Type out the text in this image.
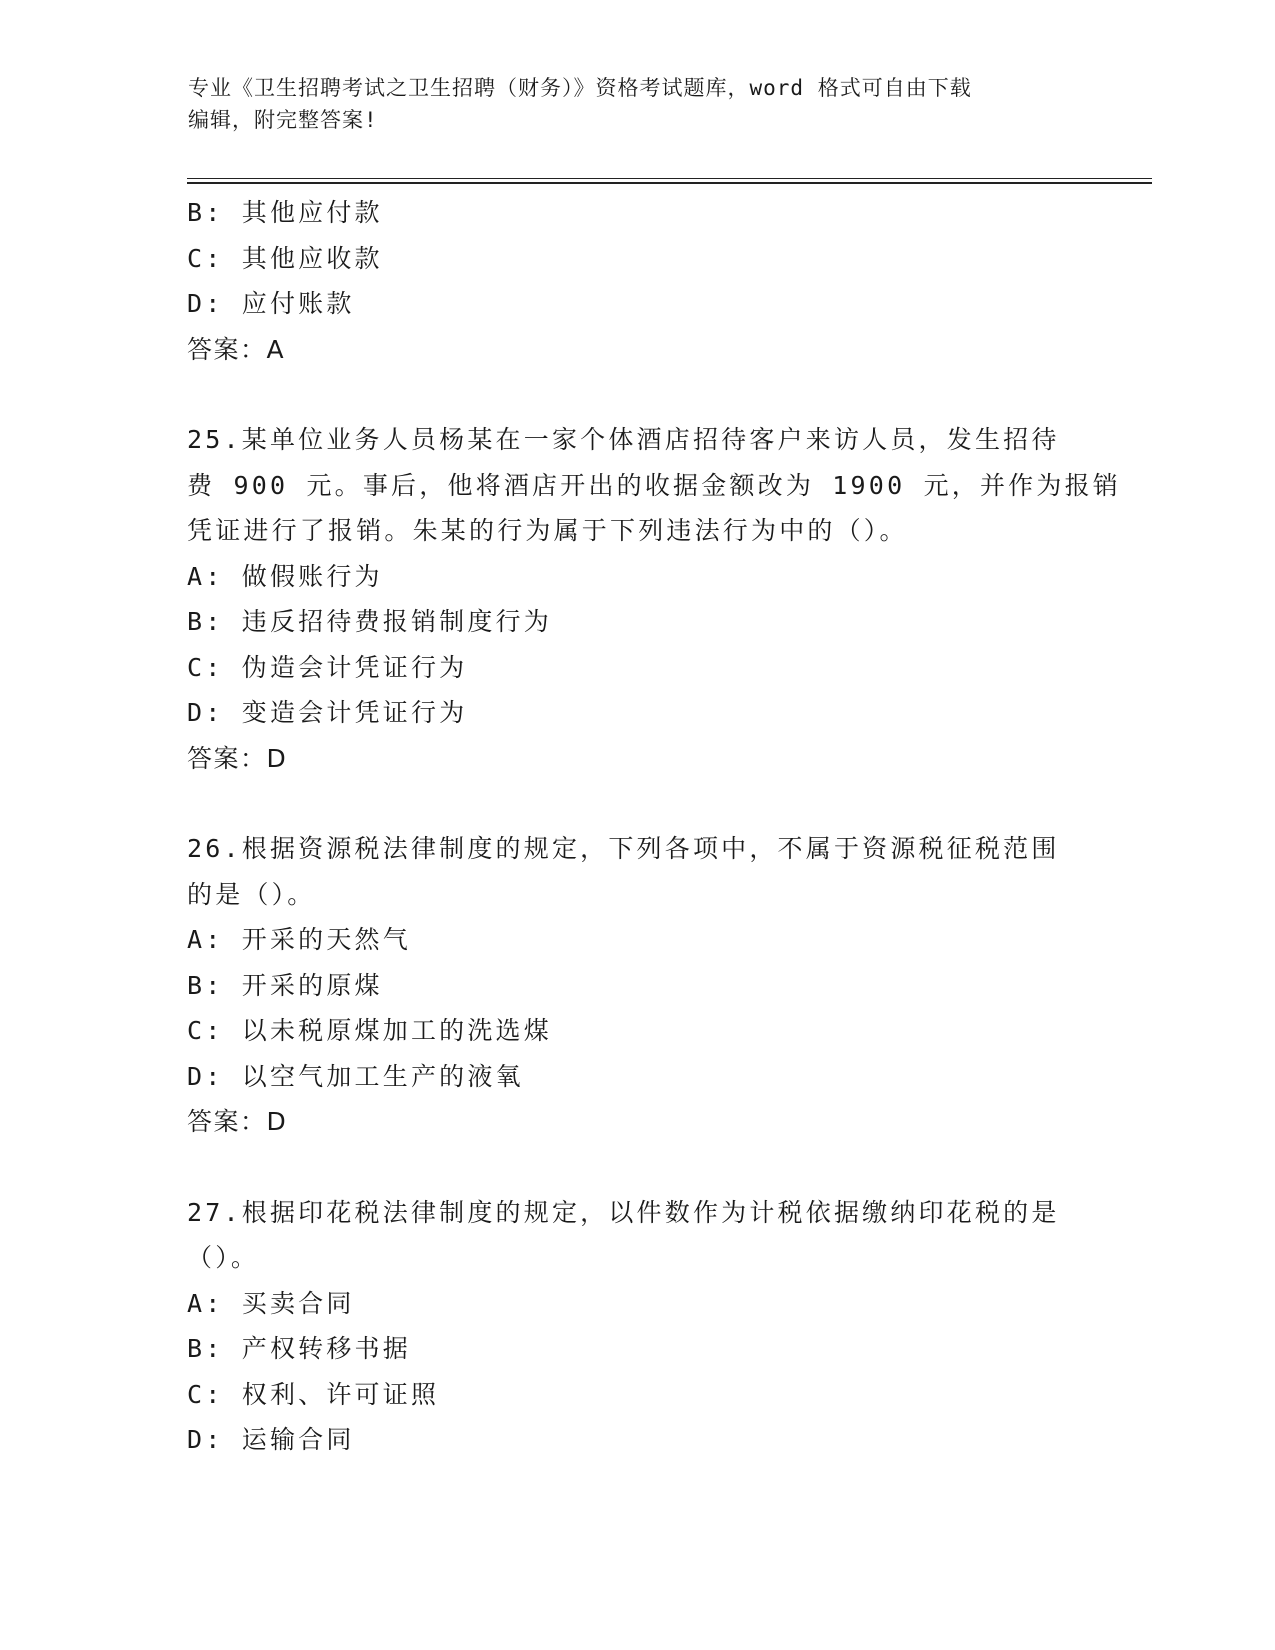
专业《卫生招聘考试之卫生招聘（财务）》资格考试题库，word 格式可自由下载
编辑，附完整答案!
B: 其他应付款
C: 其他应收款
D: 应付账款
答案：A
25.某单位业务人员杨某在一家个体酒店招待客户来访人员，发生招待
费 900 元。事后，他将酒店开出的收据金额改为 1900 元，并作为报销
凭证进行了报销。朱某的行为属于下列违法行为中的（）。
A: 做假账行为
B: 违反招待费报销制度行为
C: 伪造会计凭证行为
D: 变造会计凭证行为
答案：D
26.根据资源税法律制度的规定，下列各项中，不属于资源税征税范围
的是（）。
A: 开采的天然气
B: 开采的原煤
C: 以未税原煤加工的洗选煤
D: 以空气加工生产的液氧
答案：D
27.根据印花税法律制度的规定，以件数作为计税依据缴纳印花税的是
（）。
A: 买卖合同
B: 产权转移书据
C: 权利、许可证照
D: 运输合同
